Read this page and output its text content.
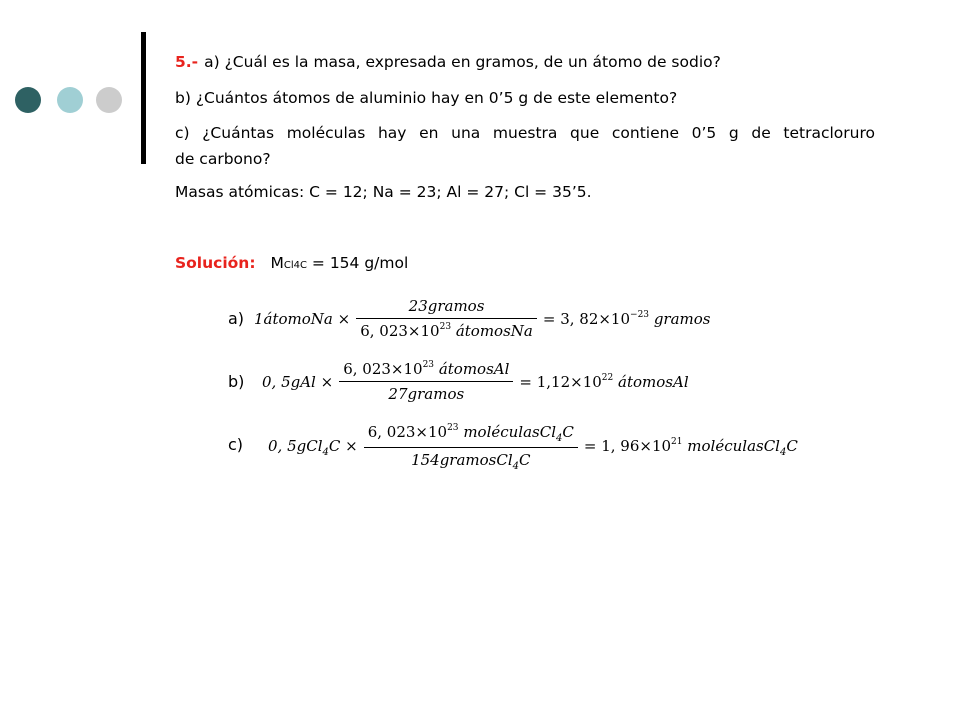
5.- a) ¿Cuál es la masa, expresada en gramos, de un átomo de sodio?
b) ¿Cuántos átomos de aluminio hay en 0’5 g de este elemento?
c) ¿Cuántas moléculas hay en una muestra que contiene 0’5 g de tetracloruro
de carbono?
Masas atómicas: C = 12; Na = 23; Al = 27; Cl = 35’5.
Solución: MCl4C = 154 g/mol
a) 1átomoNa × $\frac{\text{23gramos}}{6, 023\times 10^{23} átomosNa} = 3$, $82\times 10^{-23}$ gramos
b) 0, $5gAl \times \frac{6, 023\times 10^{23} átomosAl}{\text{27gramos}} = 1,12\times 10^{22}$ átomosAl
c) 0, $5gCl_4C \times \frac{6, 023\times 10^{23} moléculasCl_4C}{154gramosCl_4C} = 1$, $96\times 10^{21}$ moléculasCl$_4$C
